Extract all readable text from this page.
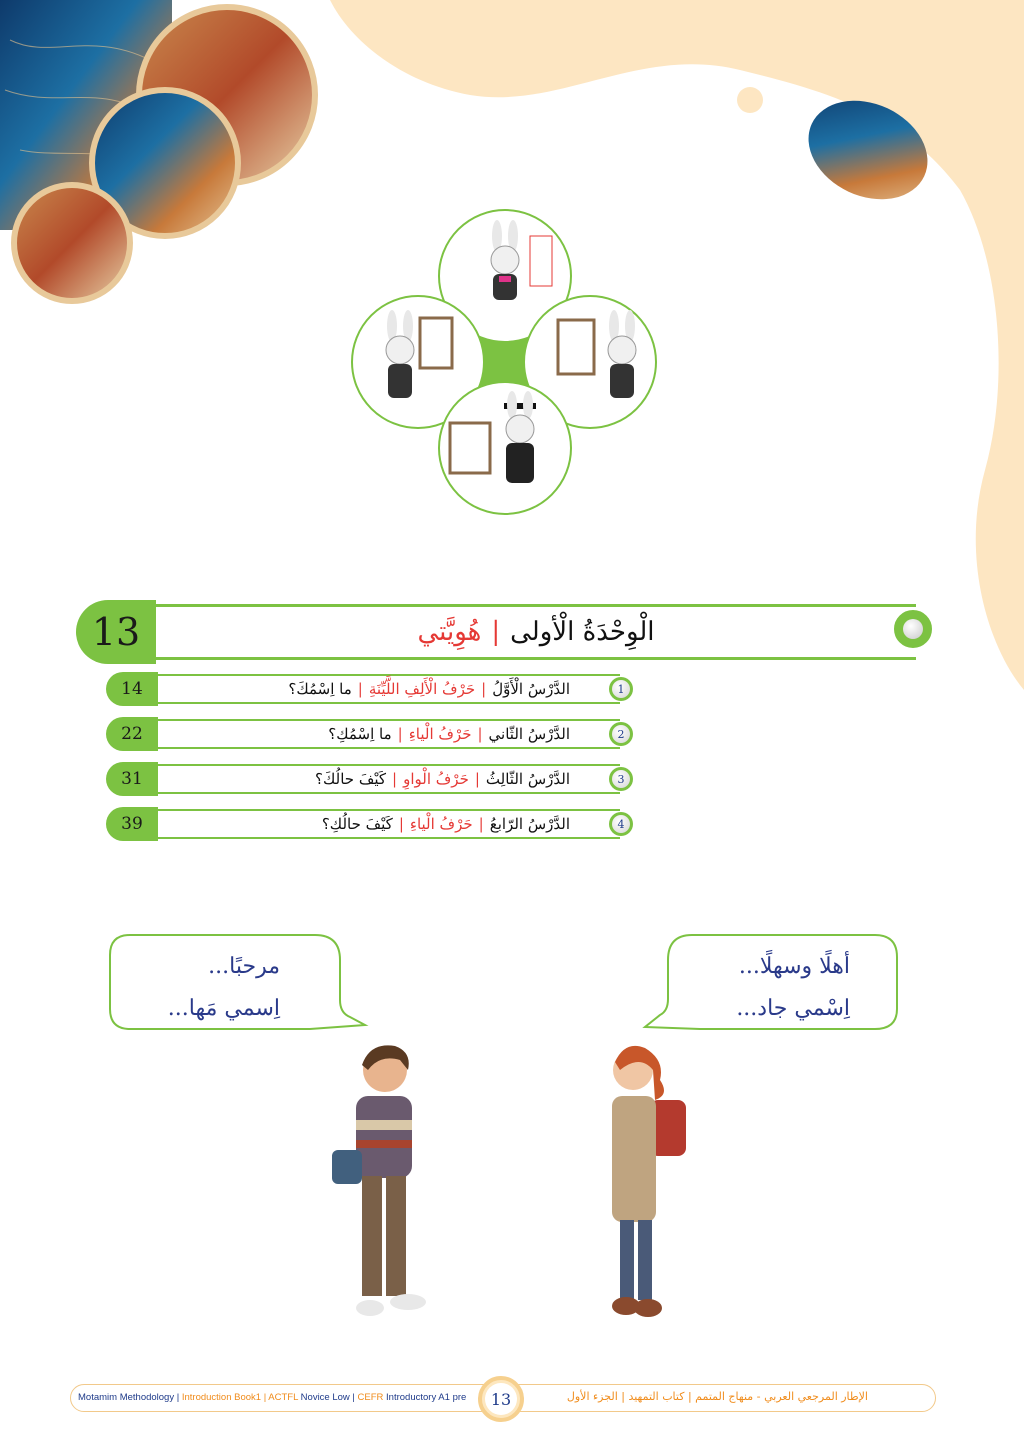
13	الْوِحْدَةُ الْأولى
|
هُوِيَّتي
14	الدَّرْسُ الْأَوَّلُ
|
حَرْفُ الْأَلِفِ اللَّيِّنَةِ
|
ما اِسْمُكَ؟	1
22	الدَّرْسُ الثّاني
|
حَرْفُ الْياءِ
|
ما اِسْمُكِ؟	2
31	الدَّرْسُ الثّالِثُ
|
حَرْفُ الْواوِ
|
كَيْفَ حالُكَ؟	3
39	الدَّرْسُ الرّابعُ
|
حَرْفُ الْياءِ
|
كَيْفَ حالُكِ؟	4
مرحبًا...
اِسمي مَها...
أهلًا وسهلًا...
اِسْمي جاد...
Motamim Methodology | Introduction Book1 | ACTFL Novice Low | CEFR Introductory A1 pre	13	الإطار المرجعي العربي - منهاج المتمم | كتاب التمهيد | الجزء الأول
